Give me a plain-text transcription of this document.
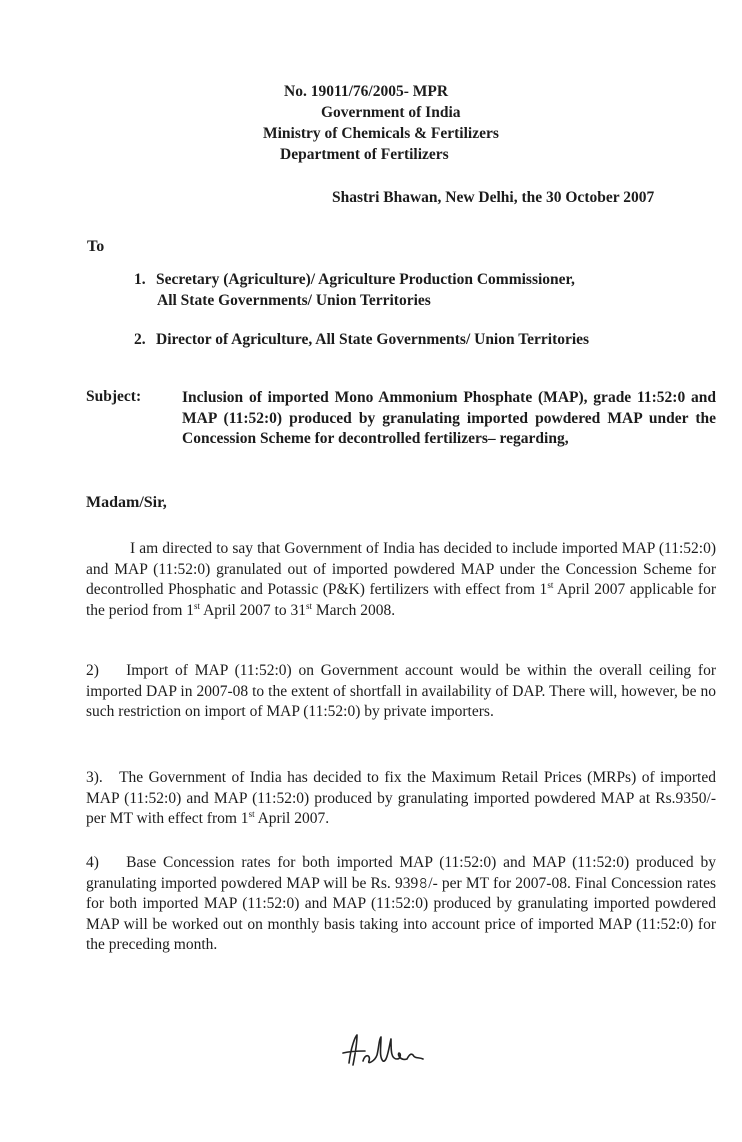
No. 19011/76/2005- MPR
Government of India
Ministry of Chemicals & Fertilizers
Department of Fertilizers
Shastri Bhawan, New Delhi, the 30 October 2007
To
1. Secretary (Agriculture)/ Agriculture Production Commissioner,
All State Governments/ Union Territories
2. Director of Agriculture, All State Governments/ Union Territories
Subject:	Inclusion of imported Mono Ammonium Phosphate (MAP), grade 11:52:0 and MAP (11:52:0) produced by granulating imported powdered MAP under the Concession Scheme for decontrolled fertilizers– regarding,
Madam/Sir,
I am directed to say that Government of India has decided to include imported MAP (11:52:0) and MAP (11:52:0) granulated out of imported powdered MAP under the Concession Scheme for decontrolled Phosphatic and Potassic (P&K) fertilizers with effect from 1st April 2007 applicable for the period from 1st April 2007 to 31st March 2008.
2)    Import of MAP (11:52:0) on Government account would be within the overall ceiling for imported DAP in 2007-08 to the extent of shortfall in availability of DAP. There will, however, be no such restriction on import of MAP (11:52:0) by private importers.
3).   The Government of India has decided to fix the Maximum Retail Prices (MRPs) of imported MAP (11:52:0) and MAP (11:52:0) produced by granulating imported powdered MAP at Rs.9350/- per MT with effect from 1st April 2007.
4)    Base Concession rates for both imported MAP (11:52:0) and MAP (11:52:0) produced by granulating imported powdered MAP will be Rs. 939৪/- per MT for 2007-08. Final Concession rates for both imported MAP (11:52:0) and MAP (11:52:0) produced by granulating imported powdered MAP will be worked out on monthly basis taking into account price of imported MAP (11:52:0) for the preceding month.
